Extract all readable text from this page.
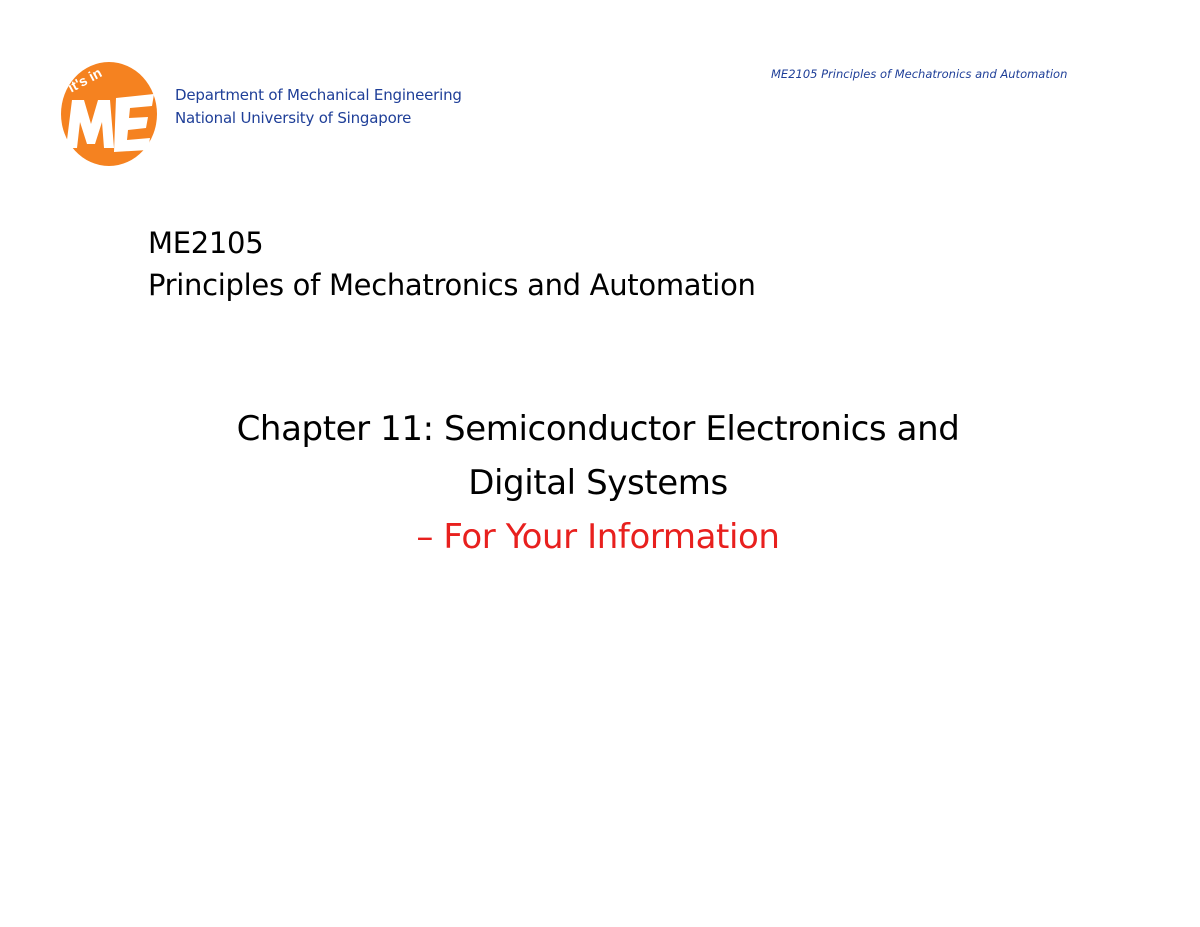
it's in	Department of Mechanical Engineering
National University of Singapore
ME2105 Principles of Mechatronics and Automation
ME2105
Principles of Mechatronics and Automation
Chapter 11: Semiconductor Electronics and
Digital Systems
– For Your Information
